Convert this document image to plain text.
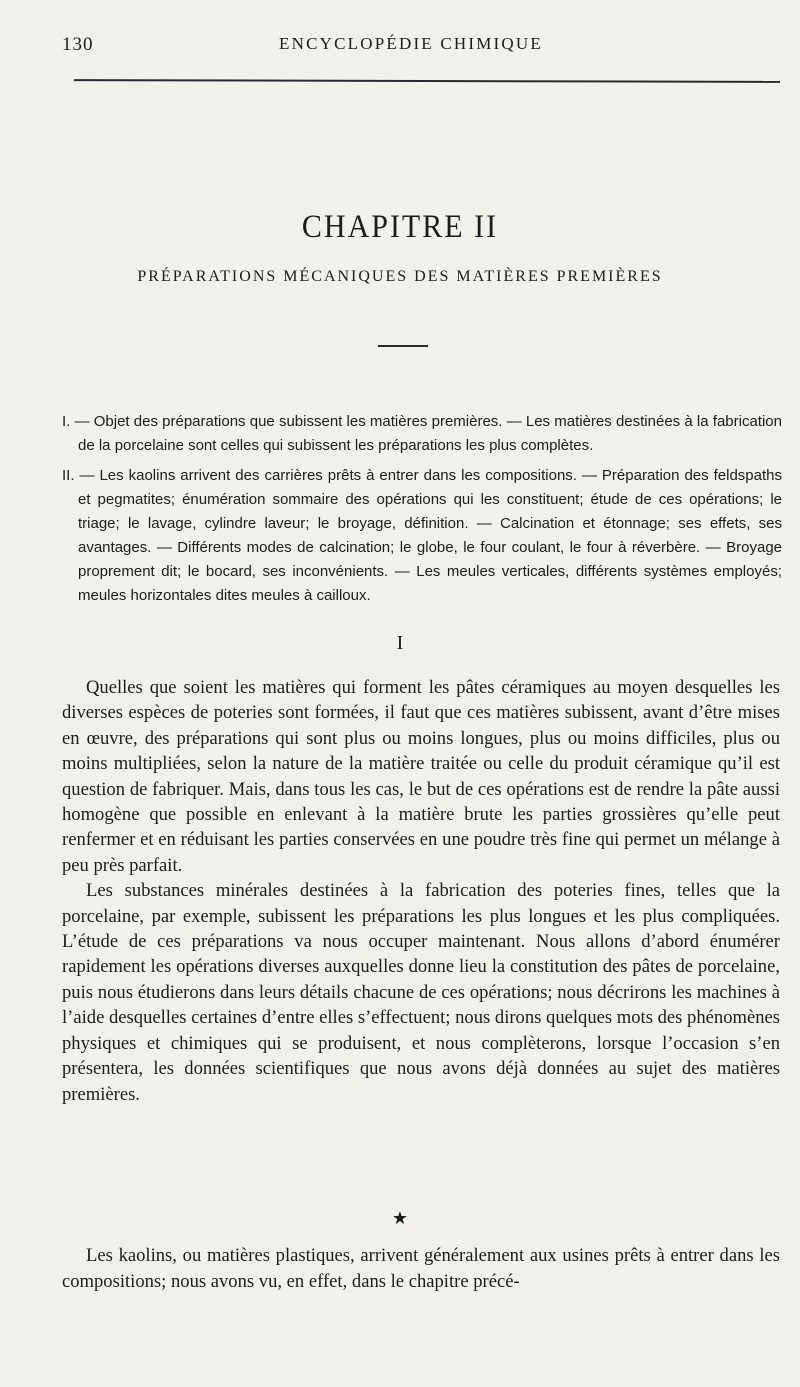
130	ENCYCLOPÉDIE CHIMIQUE
CHAPITRE II
PRÉPARATIONS MÉCANIQUES DES MATIÈRES PREMIÈRES

I. — Objet des préparations que subissent les matières premières. — Les matières destinées à la fabrication de la porcelaine sont celles qui subissent les préparations les plus complètes.

II. — Les kaolins arrivent des carrières prêts à entrer dans les compositions. — Préparation des feldspaths et pegmatites; énumération sommaire des opérations qui les constituent; étude de ces opérations; le triage; le lavage, cylindre laveur; le broyage, définition. — Calcination et étonnage; ses effets, ses avantages. — Différents modes de calcination; le globe, le four coulant, le four à réverbère. — Broyage proprement dit; le bocard, ses inconvénients. — Les meules verticales, différents systèmes employés; meules horizontales dites meules à cailloux.

I

Quelles que soient les matières qui forment les pâtes céramiques au moyen desquelles les diverses espèces de poteries sont formées, il faut que ces matières subissent, avant d’être mises en œuvre, des préparations qui sont plus ou moins longues, plus ou moins difficiles, plus ou moins multipliées, selon la nature de la matière traitée ou celle du produit céramique qu’il est question de fabriquer. Mais, dans tous les cas, le but de ces opérations est de rendre la pâte aussi homogène que possible en enlevant à la matière brute les parties grossières qu’elle peut renfermer et en réduisant les parties conservées en une poudre très fine qui permet un mélange à peu près parfait.

Les substances minérales destinées à la fabrication des poteries fines, telles que la porcelaine, par exemple, subissent les préparations les plus longues et les plus compliquées. L’étude de ces préparations va nous occuper maintenant. Nous allons d’abord énumérer rapidement les opérations diverses auxquelles donne lieu la constitution des pâtes de porcelaine, puis nous étudierons dans leurs détails chacune de ces opérations; nous décrirons les machines à l’aide desquelles certaines d’entre elles s’effectuent; nous dirons quelques mots des phénomènes physiques et chimiques qui se produisent, et nous complèterons, lorsque l’occasion s’en présentera, les données scientifiques que nous avons déjà données au sujet des matières premières.

★

Les kaolins, ou matières plastiques, arrivent généralement aux usines prêts à entrer dans les compositions; nous avons vu, en effet, dans le chapitre précé-
